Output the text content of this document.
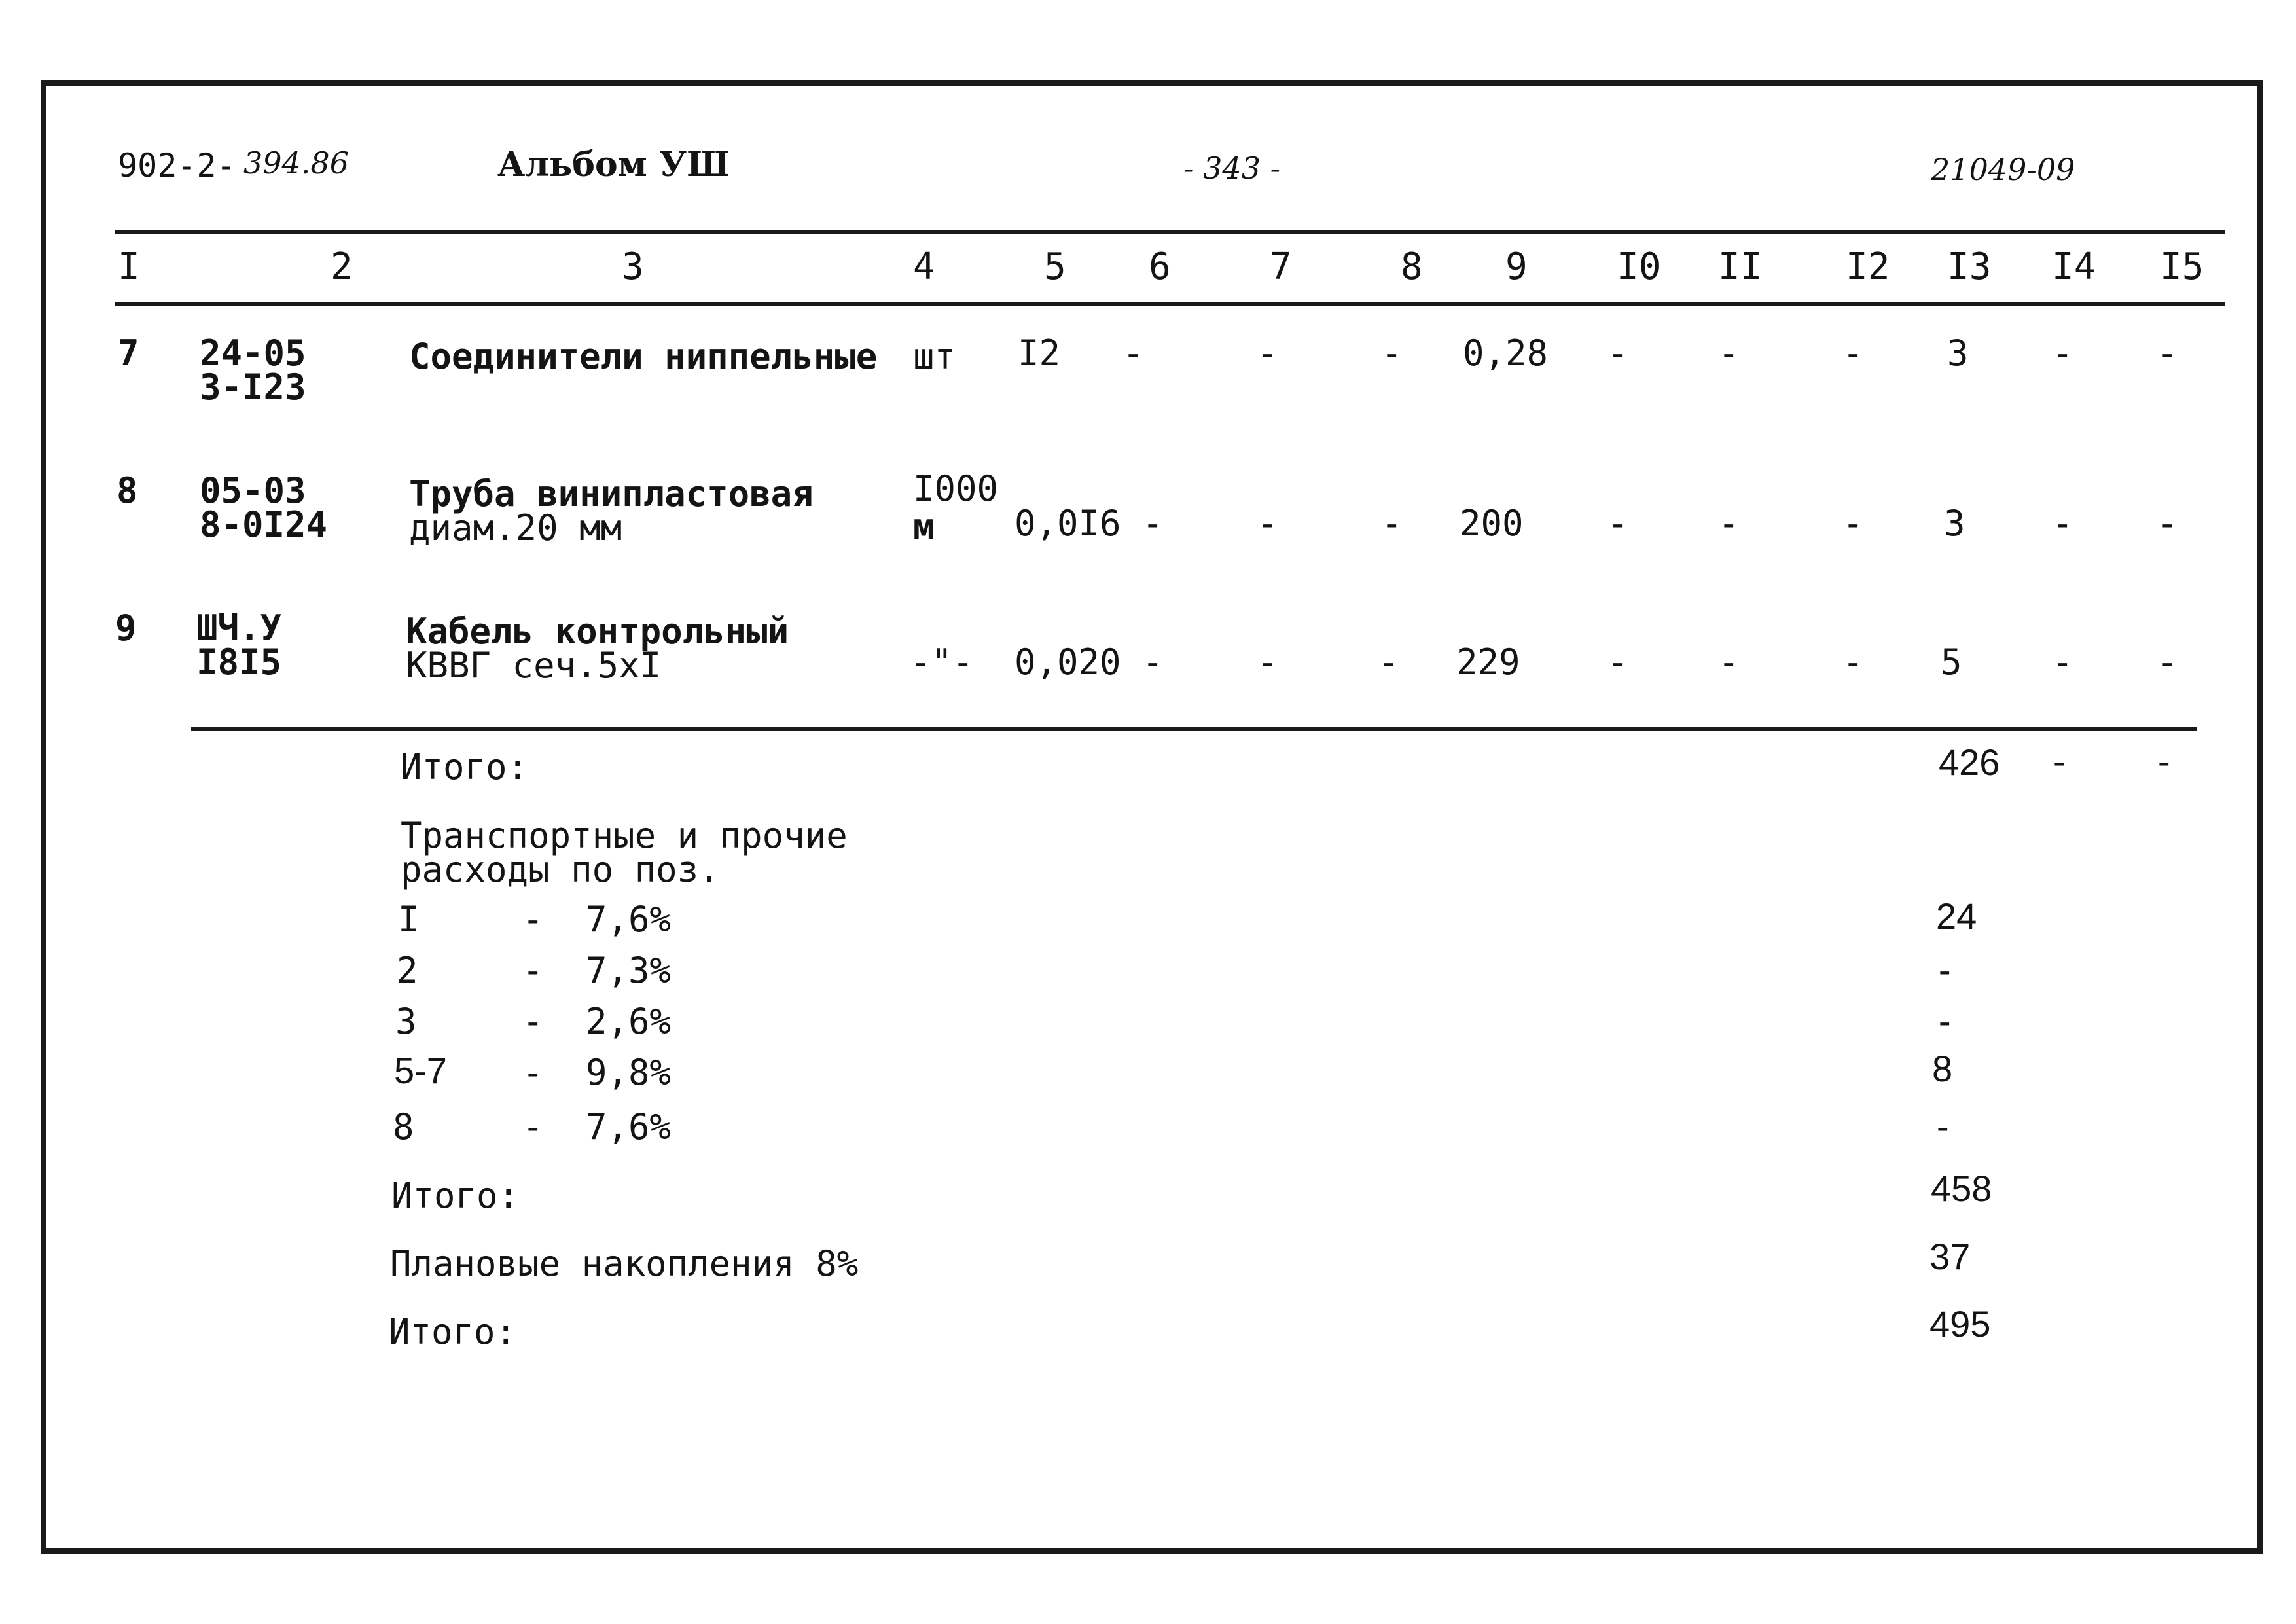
902-2- 394.86	Альбом УШ	- 343 -	21049-09
I	2	3	4	5 6	7	8 9 I0 II I2 I3 I4 I5
7 24-05
3-I23
Соединители ниппельные шт I2 -	-	- 0,28 -	-	- 3 - -
8 05-03
8-0I24
Труба винипластовая
диам.20 мм
I000
м 0,0I6 -	-	- 200 -	-	- 3 - -
9 ШЧ.У
I8I5
Кабель контрольный
КВВГ сеч.5хI	-"- 0,020 -	-	- 229 -	-	- 5	- -
Итого:	426 - -
Транспортные и прочие
расходы по поз.
I	- 7,6%	24
2	- 7,3%	-
3	- 2,6%	-
5-7 - 9,8%	8
8	- 7,6%	-
Итого:	458
Плановые накопления 8%	37
Итого:	495
